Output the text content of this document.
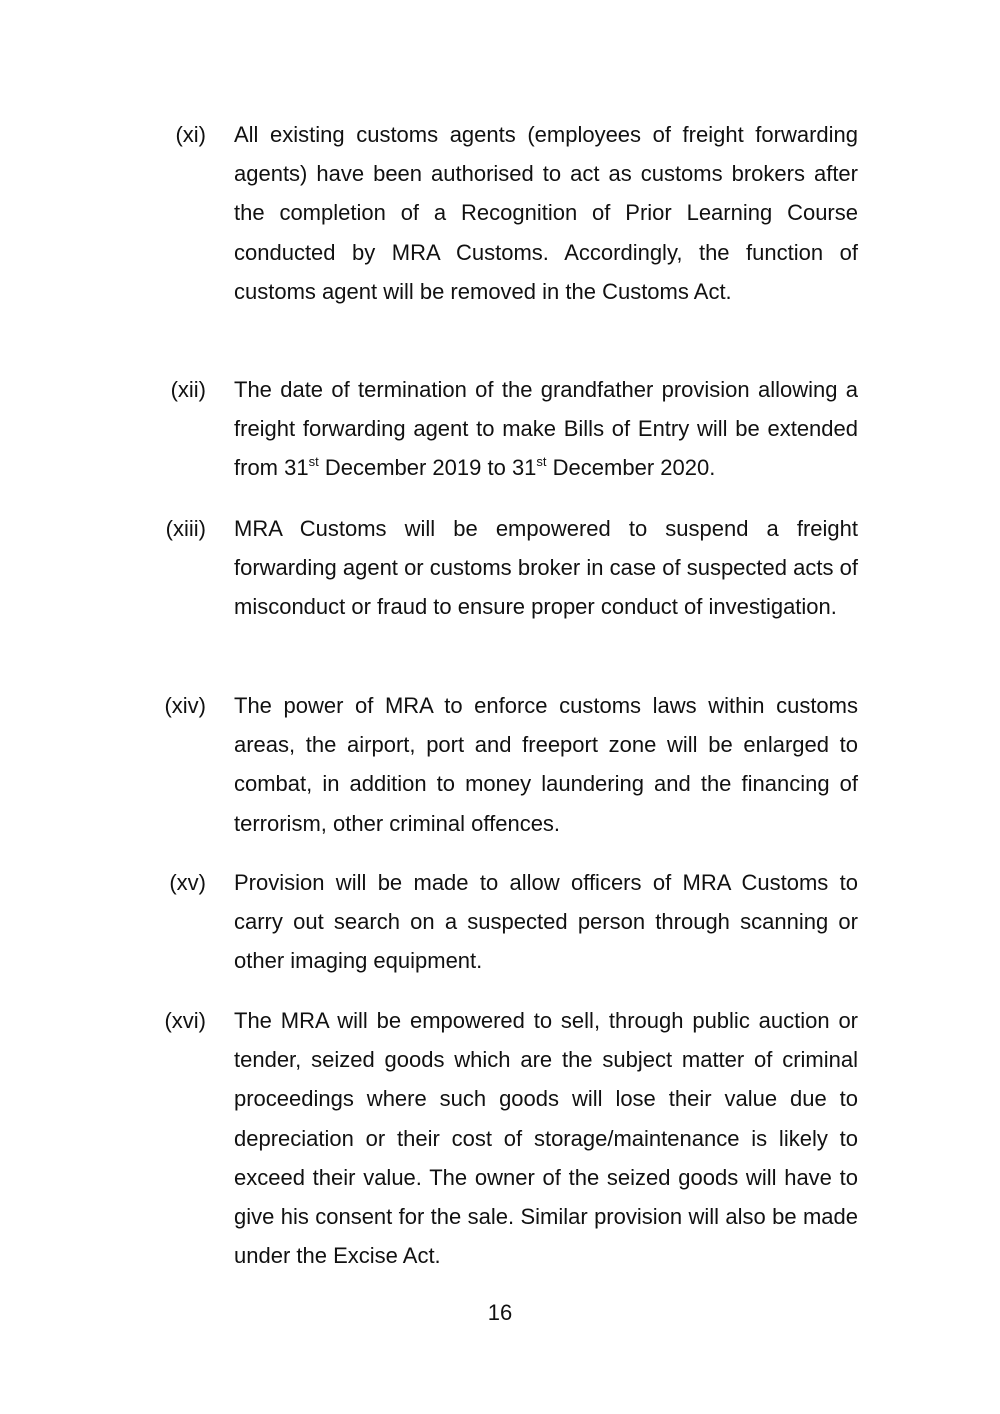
(xi) All existing customs agents (employees of freight forwarding agents) have been authorised to act as customs brokers after the completion of a Recognition of Prior Learning Course conducted by MRA Customs. Accordingly, the function of customs agent will be removed in the Customs Act.
(xii) The date of termination of the grandfather provision allowing a freight forwarding agent to make Bills of Entry will be extended from 31st December 2019 to 31st December 2020.
(xiii) MRA Customs will be empowered to suspend a freight forwarding agent or customs broker in case of suspected acts of misconduct or fraud to ensure proper conduct of investigation.
(xiv) The power of MRA to enforce customs laws within customs areas, the airport, port and freeport zone will be enlarged to combat, in addition to money laundering and the financing of terrorism, other criminal offences.
(xv) Provision will be made to allow officers of MRA Customs to carry out search on a suspected person through scanning or other imaging equipment.
(xvi) The MRA will be empowered to sell, through public auction or tender, seized goods which are the subject matter of criminal proceedings where such goods will lose their value due to depreciation or their cost of storage/maintenance is likely to exceed their value. The owner of the seized goods will have to give his consent for the sale. Similar provision will also be made under the Excise Act.
16
